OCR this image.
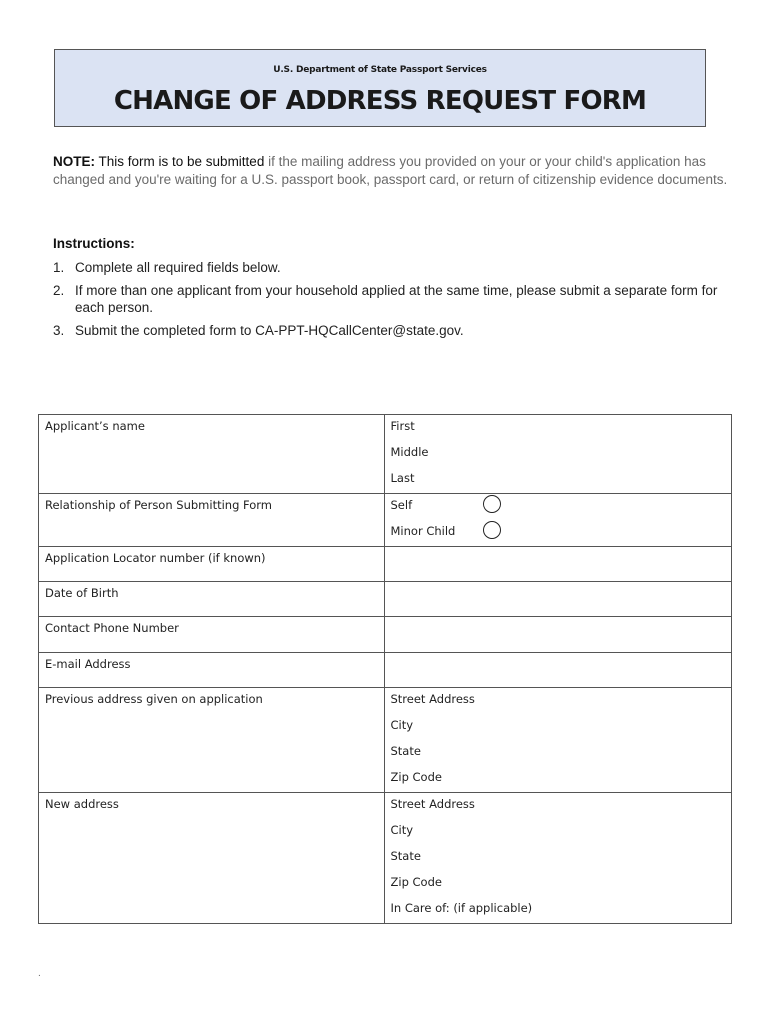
U.S. Department of State Passport Services
CHANGE OF ADDRESS REQUEST FORM
NOTE: This form is to be submitted if the mailing address you provided on your or your child's application has changed and you're waiting for a U.S. passport book, passport card, or return of citizenship evidence documents.
Instructions:
1. Complete all required fields below.
2. If more than one applicant from your household applied at the same time, please submit a separate form for each person.
3. Submit the completed form to CA-PPT-HQCallCenter@state.gov.
Applicant’s name	First
Middle
Last

Relationship of Person Submitting Form	Self
Minor Child

Application Locator number (if known)	
Date of Birth	
Contact Phone Number	
E-mail Address	
Previous address given on application	Street Address
City
State
Zip Code

New address	Street Address
City
State
Zip Code
In Care of: (if applicable)
.
